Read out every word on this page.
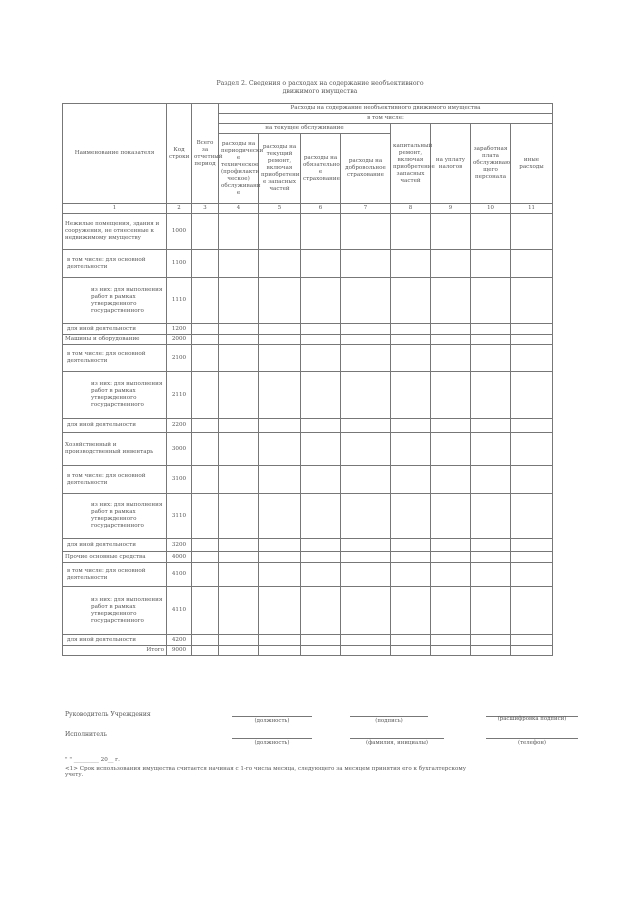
Раздел 2. Сведения о расходах на содержание необъективного
движимого имущества
Наименование показателя	Код строки	Всего за отчетный период	Расходы на содержание необъективного движимого имущества							
			в том числе:							
			на текущее обслуживание				капитальный ремонт, включая приобретение запасных частей	на уплату налогов	заработная плата обслуживаю щего персонала	иные расходы
			расходы на периодически е техническое (профилакти ческое) обслуживани е	расходы на текущий ремонт, включая приобретени е запасных частей	расходы на обязательно е страхование	расходы на добровольное страхование				
1	2	3	4	5	6	7	8	9	10	11
Нежилые помещения, здания и сооружения, не отнесенные к недвижимому имуществу	1000									
в том числе: для основной деятельности	1100									
из них: для выполнения работ в рамках утвержденного государственного	1110									
для иной деятельности	1200									
Машины и оборудование	2000									
в том числе: для основной деятельности	2100									
из них: для выполнения работ в рамках утвержденного государственного	2110									
для иной деятельности	2200									
Хозяйственный и производственный инвентарь	3000									
в том числе: для основной деятельности	3100									
из них: для выполнения работ в рамках утвержденного государственного	3110									
для иной деятельности	3200									
Прочие основные средства	4000									
в том числе: для основной деятельности	4100									
из них: для выполнения работ в рамках утвержденного государственного	4110									
для иной деятельности	4200									
Итого	9000									
Руководитель Учреждения
(должность)	(подпись)	(расшифровка подписи)
Исполнитель
(должность)	(фамилия, инициалы)	(телефон)
" " _________ 20__ г.
<1> Срок использования имущества считается начиная с 1-го числа месяца, следующего за месяцем принятия его к бухгалтерскому учету.
